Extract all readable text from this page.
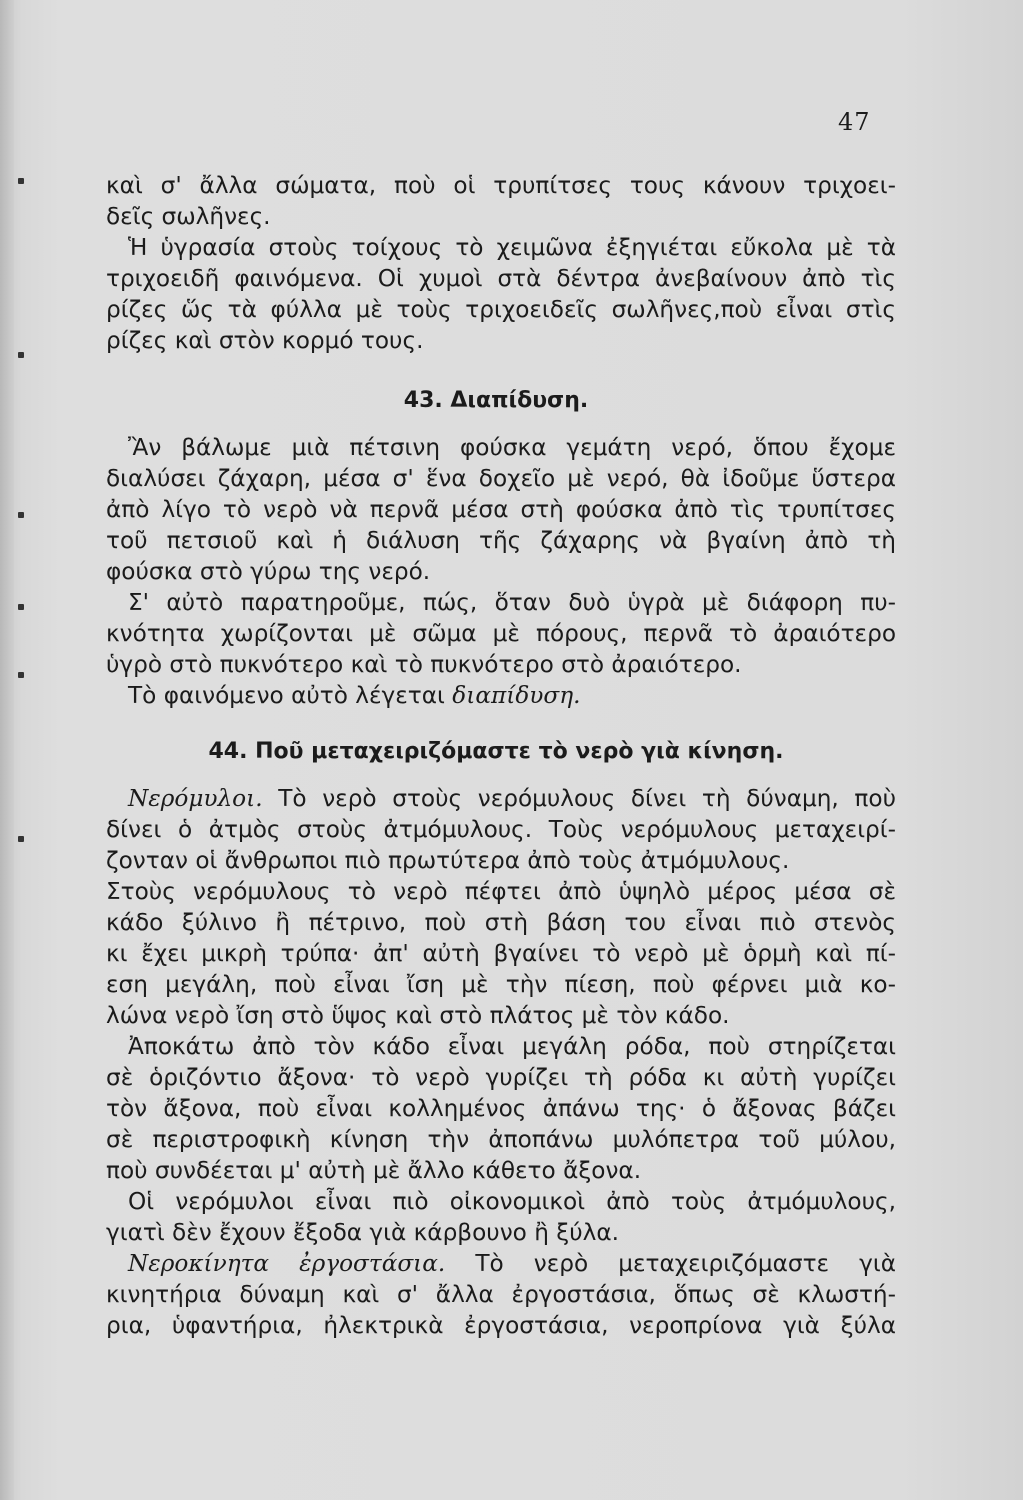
47
καὶ σ' ἄλλα σώματα, ποὺ οἱ τρυπίτσες τους κάνουν τριχοει-
δεῖς σωλῆνες.
Ἡ ὑγρασία στοὺς τοίχους τὸ χειμῶνα ἐξηγιέται εὔκολα μὲ τὰ
τριχοειδῆ φαινόμενα. Οἱ χυμοὶ στὰ δέντρα ἀνεβαίνουν ἀπὸ τὶς
ρίζες ὥς τὰ φύλλα μὲ τοὺς τριχοειδεῖς σωλῆνες,ποὺ εἶναι στὶς
ρίζες καὶ στὸν κορμό τους.
43. Διαπίδυση.
Ἂν βάλωμε μιὰ πέτσινη φούσκα γεμάτη νερό, ὅπου ἔχομε
διαλύσει ζάχαρη, μέσα σ' ἕνα δοχεῖο μὲ νερό, θὰ ἰδοῦμε ὕστερα
ἀπὸ λίγο τὸ νερὸ νὰ περνᾶ μέσα στὴ φούσκα ἀπὸ τὶς τρυπίτσες
τοῦ πετσιοῦ καὶ ἡ διάλυση τῆς ζάχαρης νὰ βγαίνη ἀπὸ τὴ
φούσκα στὸ γύρω της νερό.
Σ' αὐτὸ παρατηροῦμε, πώς, ὅταν δυὸ ὑγρὰ μὲ διάφορη πυ-
κνότητα χωρίζονται μὲ σῶμα μὲ πόρους, περνᾶ τὸ ἀραιότερο
ὑγρὸ στὸ πυκνότερο καὶ τὸ πυκνότερο στὸ ἀραιότερο.
Τὸ φαινόμενο αὐτὸ λέγεται διαπίδυση.
44. Ποῦ μεταχειριζόμαστε τὸ νερὸ γιὰ κίνηση.
Νερόμυλοι. Τὸ νερὸ στοὺς νερόμυλους δίνει τὴ δύναμη, ποὺ
δίνει ὁ ἀτμὸς στοὺς ἀτμόμυλους. Τοὺς νερόμυλους μεταχειρί-
ζονταν οἱ ἄνθρωποι πιὸ πρωτύτερα ἀπὸ τοὺς ἀτμόμυλους.
Στοὺς νερόμυλους τὸ νερὸ πέφτει ἀπὸ ὑψηλὸ μέρος μέσα σὲ
κάδο ξύλινο ἢ πέτρινο, ποὺ στὴ βάση του εἶναι πιὸ στενὸς
κι ἔχει μικρὴ τρύπα· ἀπ' αὐτὴ βγαίνει τὸ νερὸ μὲ ὁρμὴ καὶ πί-
εση μεγάλη, ποὺ εἶναι ἴση μὲ τὴν πίεση, ποὺ φέρνει μιὰ κο-
λώνα νερὸ ἴση στὸ ὕψος καὶ στὸ πλάτος μὲ τὸν κάδο.
Ἀποκάτω ἀπὸ τὸν κάδο εἶναι μεγάλη ρόδα, ποὺ στηρίζεται
σὲ ὁριζόντιο ἄξονα· τὸ νερὸ γυρίζει τὴ ρόδα κι αὐτὴ γυρίζει
τὸν ἄξονα, ποὺ εἶναι κολλημένος ἀπάνω της· ὁ ἄξονας βάζει
σὲ περιστροφικὴ κίνηση τὴν ἀποπάνω μυλόπετρα τοῦ μύλου,
ποὺ συνδέεται μ' αὐτὴ μὲ ἄλλο κάθετο ἄξονα.
Οἱ νερόμυλοι εἶναι πιὸ οἰκονομικοὶ ἀπὸ τοὺς ἀτμόμυλους,
γιατὶ δὲν ἔχουν ἔξοδα γιὰ κάρβουνο ἢ ξύλα.
Νεροκίνητα ἐργοστάσια. Τὸ νερὸ μεταχειριζόμαστε γιὰ
κινητήρια δύναμη καὶ σ' ἄλλα ἐργοστάσια, ὅπως σὲ κλωστή-
ρια, ὑφαντήρια, ἠλεκτρικὰ ἐργοστάσια, νεροπρίονα γιὰ ξύλα
